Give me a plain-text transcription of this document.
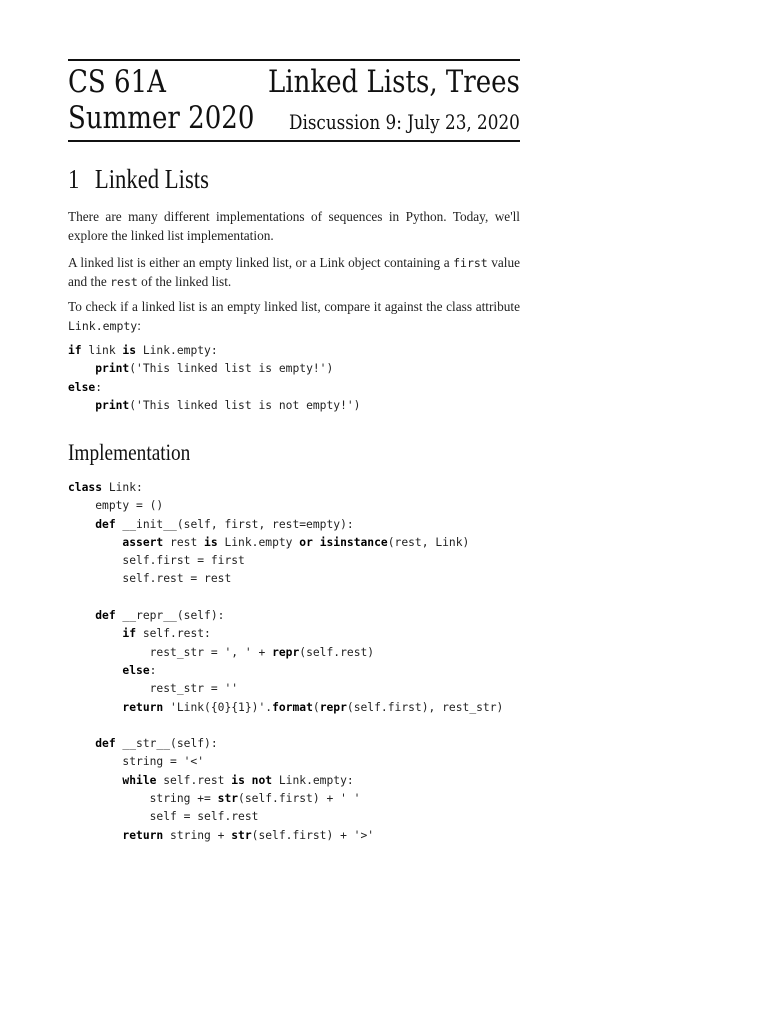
CS 61A	Linked Lists, Trees
Summer 2020 Discussion 9: July 23, 2020
1 Linked Lists
There are many different implementations of sequences in Python. Today, we'll explore the linked list implementation.
A linked list is either an empty linked list, or a Link object containing a first value and the rest of the linked list.
To check if a linked list is an empty linked list, compare it against the class attribute Link.empty:
if link is Link.empty:
print('This linked list is empty!')
else:
print('This linked list is not empty!')
Implementation
class Link:
empty = ()
def __init__(self, first, rest=empty):
assert rest is Link.empty or isinstance(rest, Link)
self.first = first
self.rest = rest

def __repr__(self):
if self.rest:
rest_str = ', ' + repr(self.rest)
else:
rest_str = ''
return 'Link({0}{1})'.format(repr(self.first), rest_str)

def __str__(self):
string = '<'
while self.rest is not Link.empty:
string += str(self.first) + ' '
self = self.rest
return string + str(self.first) + '>'
